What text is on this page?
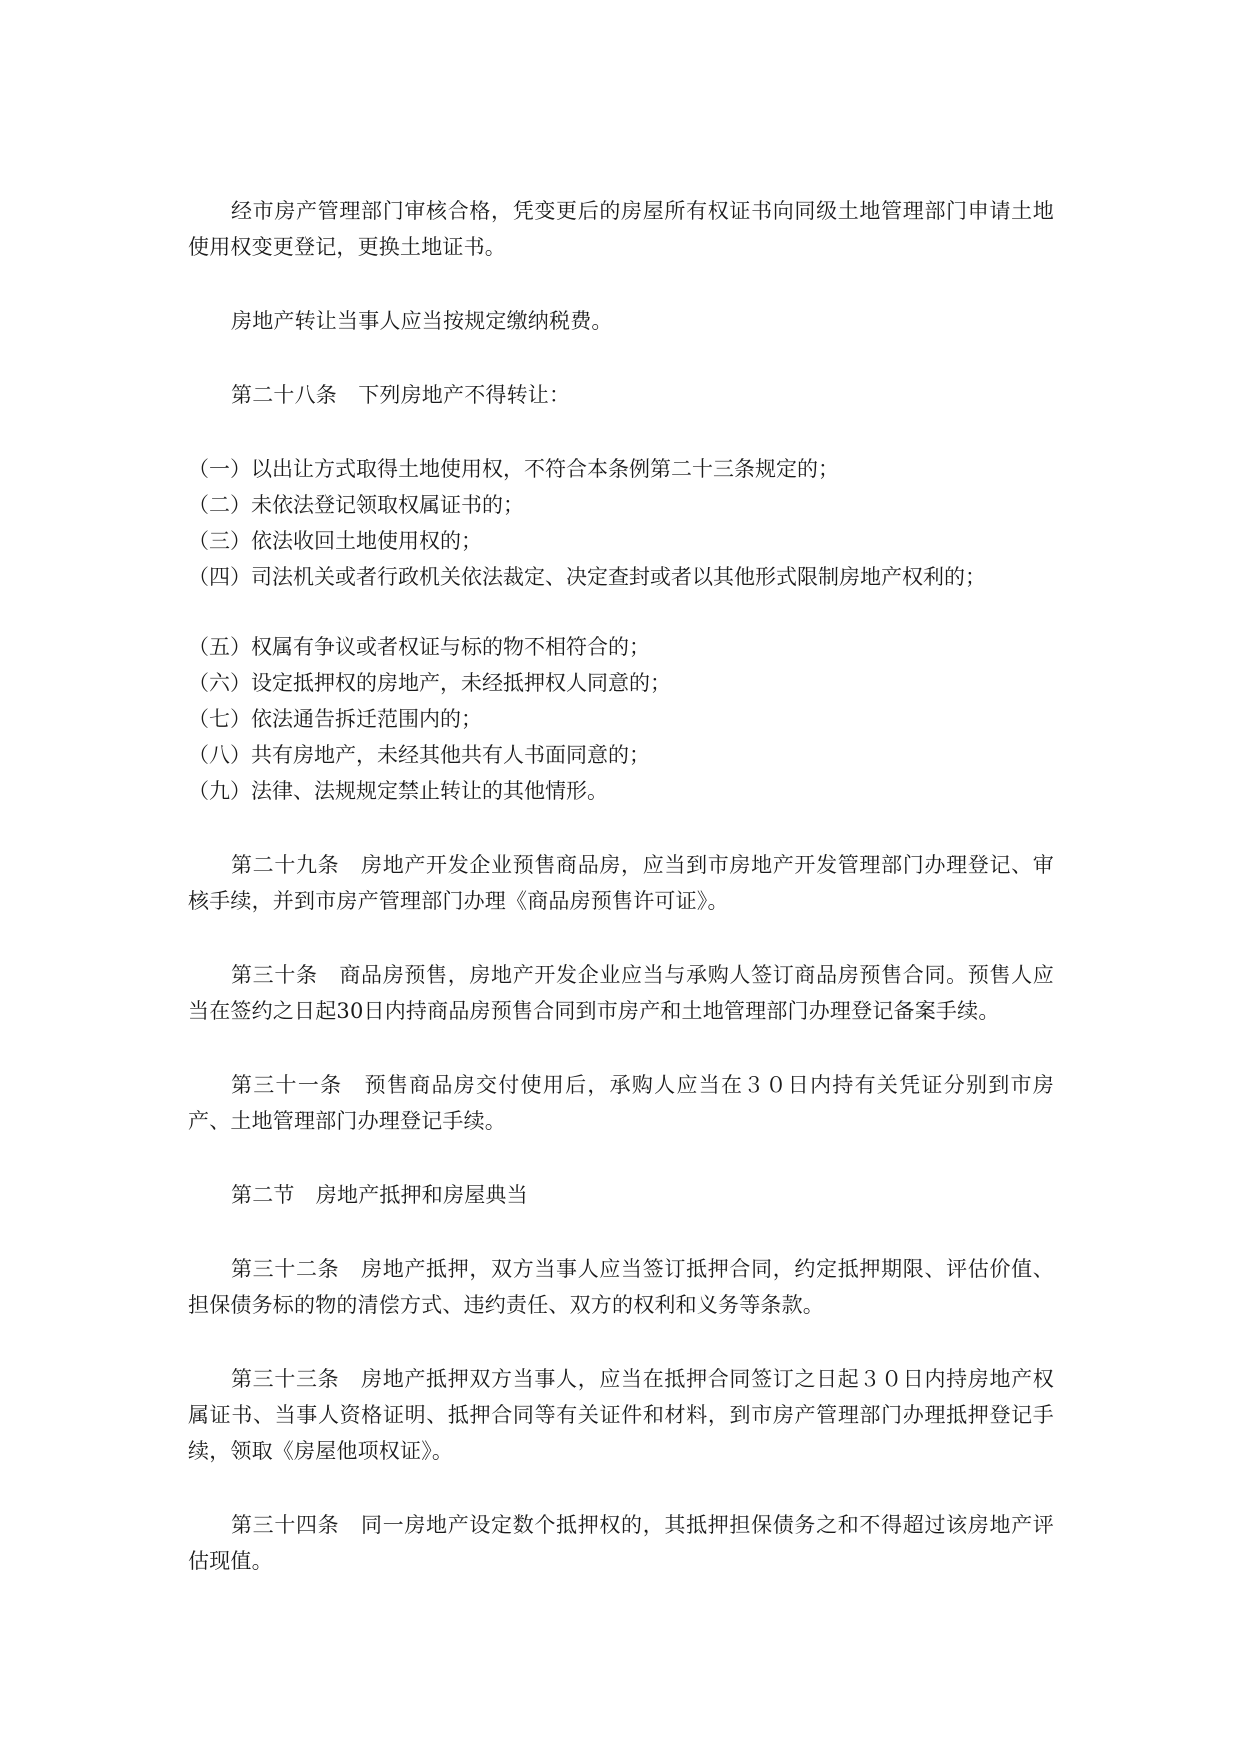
经市房产管理部门审核合格，凭变更后的房屋所有权证书向同级土地管理部门申请土地使用权变更登记，更换土地证书。

房地产转让当事人应当按规定缴纳税费。

第二十八条　下列房地产不得转让：

（一）以出让方式取得土地使用权，不符合本条例第二十三条规定的；

（二）未依法登记领取权属证书的；

（三）依法收回土地使用权的；

（四）司法机关或者行政机关依法裁定、决定查封或者以其他形式限制房地产权利的；

（五）权属有争议或者权证与标的物不相符合的；

（六）设定抵押权的房地产，未经抵押权人同意的；

（七）依法通告拆迁范围内的；

（八）共有房地产，未经其他共有人书面同意的；

（九）法律、法规规定禁止转让的其他情形。

第二十九条　房地产开发企业预售商品房，应当到市房地产开发管理部门办理登记、审核手续，并到市房产管理部门办理《商品房预售许可证》。

第三十条　商品房预售，房地产开发企业应当与承购人签订商品房预售合同。预售人应当在签约之日起30日内持商品房预售合同到市房产和土地管理部门办理登记备案手续。

第三十一条　预售商品房交付使用后，承购人应当在３０日内持有关凭证分别到市房产、土地管理部门办理登记手续。

第二节　房地产抵押和房屋典当

第三十二条　房地产抵押，双方当事人应当签订抵押合同，约定抵押期限、评估价值、担保债务标的物的清偿方式、违约责任、双方的权利和义务等条款。

第三十三条　房地产抵押双方当事人，应当在抵押合同签订之日起３０日内持房地产权属证书、当事人资格证明、抵押合同等有关证件和材料，到市房产管理部门办理抵押登记手续，领取《房屋他项权证》。

第三十四条　同一房地产设定数个抵押权的，其抵押担保债务之和不得超过该房地产评估现值。
